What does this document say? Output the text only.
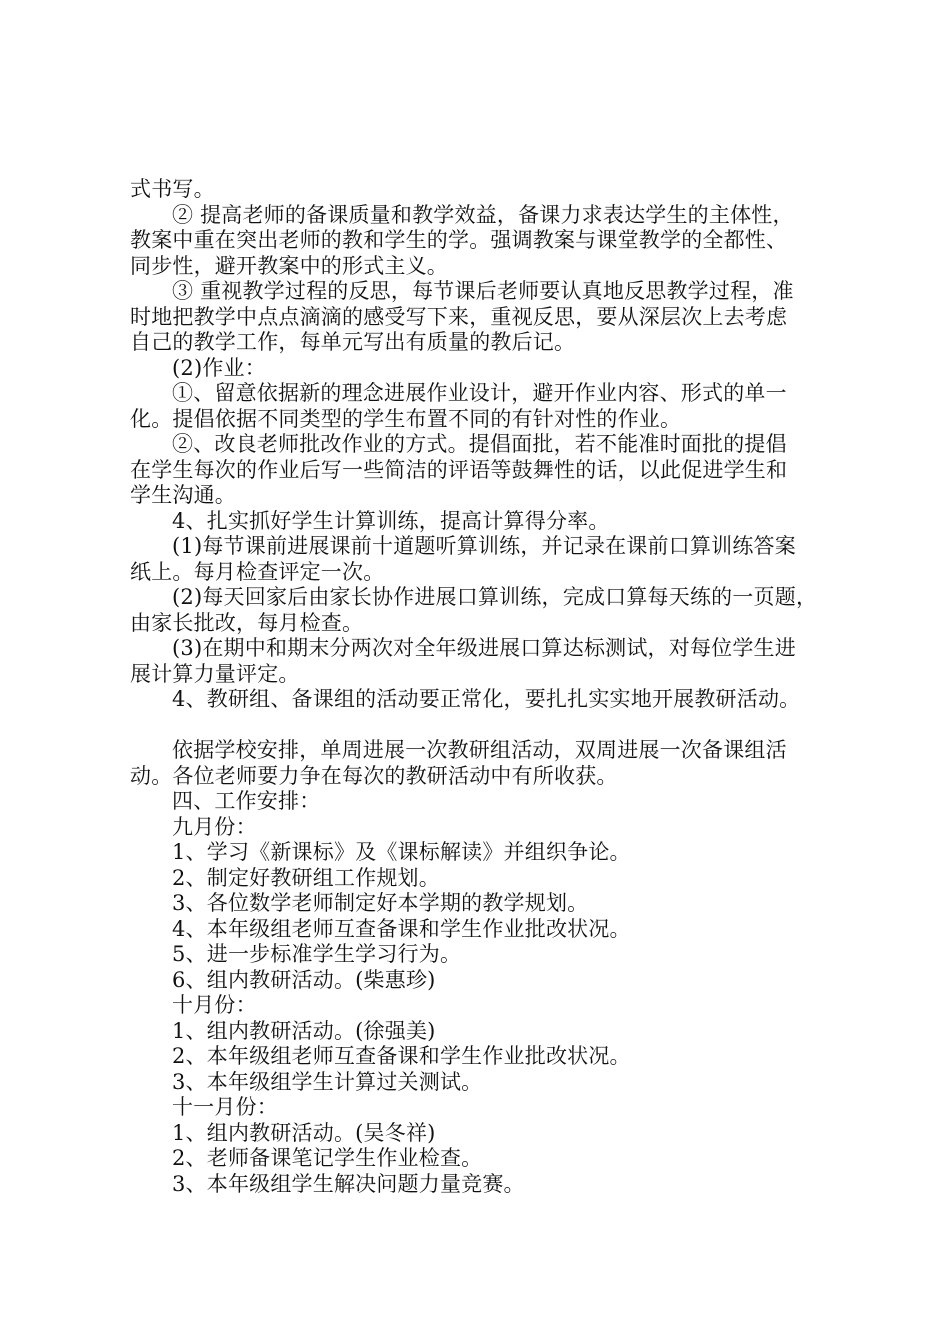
式书写。
② 提高老师的备课质量和教学效益，备课力求表达学生的主体性，
教案中重在突出老师的教和学生的学。强调教案与课堂教学的全都性、
同步性，避开教案中的形式主义。
③ 重视教学过程的反思，每节课后老师要认真地反思教学过程，准
时地把教学中点点滴滴的感受写下来，重视反思，要从深层次上去考虑
自己的教学工作，每单元写出有质量的教后记。
(2)作业：
①、留意依据新的理念进展作业设计，避开作业内容、形式的单一
化。提倡依据不同类型的学生布置不同的有针对性的作业。
②、改良老师批改作业的方式。提倡面批，若不能准时面批的提倡
在学生每次的作业后写一些简洁的评语等鼓舞性的话，以此促进学生和
学生沟通。
4、扎实抓好学生计算训练，提高计算得分率。
(1)每节课前进展课前十道题听算训练，并记录在课前口算训练答案
纸上。每月检查评定一次。
(2)每天回家后由家长协作进展口算训练，完成口算每天练的一页题，
由家长批改，每月检查。
(3)在期中和期末分两次对全年级进展口算达标测试，对每位学生进
展计算力量评定。
4、教研组、备课组的活动要正常化，要扎扎实实地开展教研活动。
依据学校安排，单周进展一次教研组活动，双周进展一次备课组活
动。各位老师要力争在每次的教研活动中有所收获。
四、工作安排：
九月份：
1、学习《新课标》及《课标解读》并组织争论。
2、制定好教研组工作规划。
3、各位数学老师制定好本学期的教学规划。
4、本年级组老师互查备课和学生作业批改状况。
5、进一步标准学生学习行为。
6、组内教研活动。(柴惠珍)
十月份：
1、组内教研活动。(徐强美)
2、本年级组老师互查备课和学生作业批改状况。
3、本年级组学生计算过关测试。
十一月份：
1、组内教研活动。(吴冬祥)
2、老师备课笔记学生作业检查。
3、本年级组学生解决问题力量竞赛。
